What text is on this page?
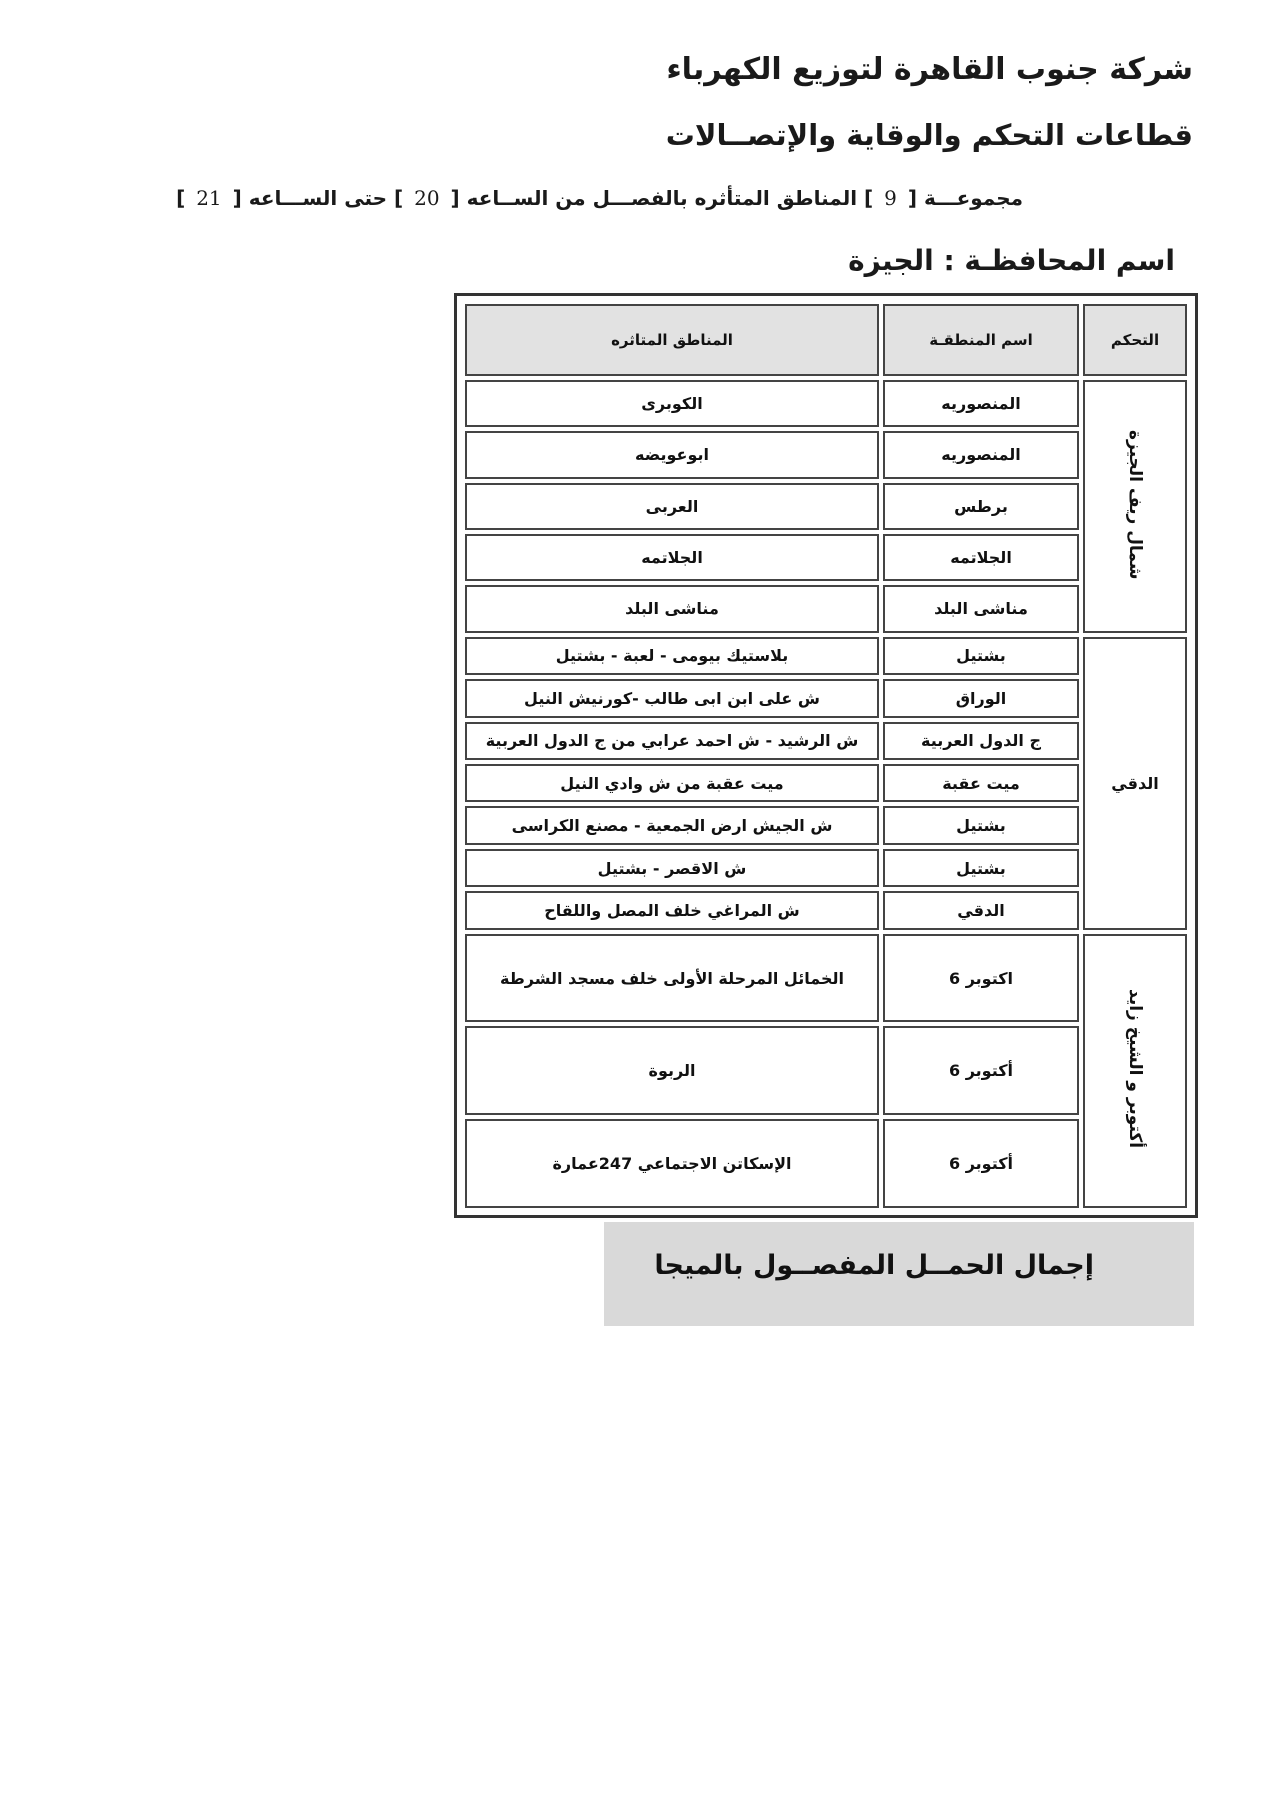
شركة جنوب القاهرة لتوزيع الكهرباء
قطاعات التحكم والوقاية والإتصــالات
مجموعـــة [ 9 ] المناطق المتأثره بالفصـــل من الســاعه [ 20 ] حتى الســـاعه [ 21 ]
اسم المحافظـة : الجيزة
التحكم	اسم المنطقـة	المناطق المتاثره
شمال ريف الجيزة	المنصوريه	الكوبرى
	المنصوريه	ابوعويضه
	برطس	العربى
	الجلاتمه	الجلاتمه
	مناشى البلد	مناشى البلد
الدقي	بشتيل	بلاستيك بيومى - لعبة - بشتيل
	الوراق	ش على ابن ابى طالب -كورنيش النيل
	ج الدول العربية	ش الرشيد - ش احمد عرابي من ج الدول العربية
	ميت عقبة	ميت عقبة من ش وادي النيل
	بشتيل	ش الجيش ارض الجمعية - مصنع الكراسى
	بشتيل	ش الاقصر - بشتيل
	الدقي	ش المراغي خلف المصل واللقاح
أكتوبر و الشيخ زايد	اكتوبر 6	الخمائل المرحلة الأولى خلف مسجد الشرطة
	أكتوبر 6	الربوة
	أكتوبر 6	الإسكاتن الاجتماعي 247عمارة
إجمال الحمــل المفصــول بالميجا
